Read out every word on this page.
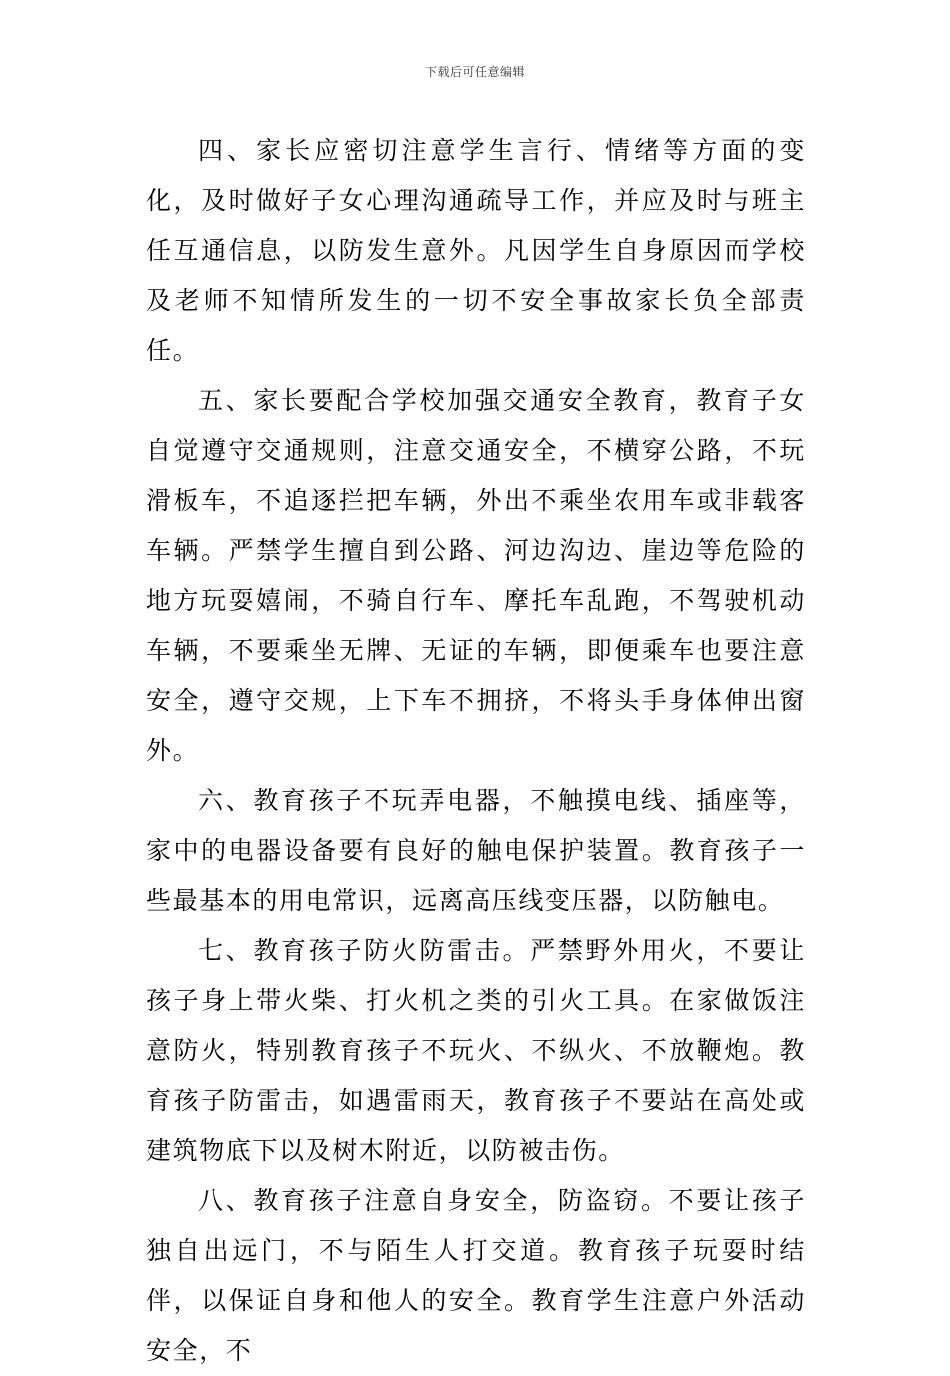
下载后可任意编辑

四、家长应密切注意学生言行、情绪等方面的变化，及时做好子女心理沟通疏导工作，并应及时与班主任互通信息，以防发生意外。凡因学生自身原因而学校及老师不知情所发生的一切不安全事故家长负全部责任。

五、家长要配合学校加强交通安全教育，教育子女自觉遵守交通规则，注意交通安全，不横穿公路，不玩滑板车，不追逐拦把车辆，外出不乘坐农用车或非载客车辆。严禁学生擅自到公路、河边沟边、崖边等危险的地方玩耍嬉闹，不骑自行车、摩托车乱跑，不驾驶机动车辆，不要乘坐无牌、无证的车辆，即便乘车也要注意安全，遵守交规，上下车不拥挤，不将头手身体伸出窗外。

六、教育孩子不玩弄电器，不触摸电线、插座等，家中的电器设备要有良好的触电保护装置。教育孩子一些最基本的用电常识，远离高压线变压器，以防触电。

七、教育孩子防火防雷击。严禁野外用火，不要让孩子身上带火柴、打火机之类的引火工具。在家做饭注意防火，特别教育孩子不玩火、不纵火、不放鞭炮。教育孩子防雷击，如遇雷雨天，教育孩子不要站在高处或建筑物底下以及树木附近，以防被击伤。

八、教育孩子注意自身安全，防盗窃。不要让孩子独自出远门，不与陌生人打交道。教育孩子玩耍时结伴，以保证自身和他人的安全。教育学生注意户外活动安全，不
